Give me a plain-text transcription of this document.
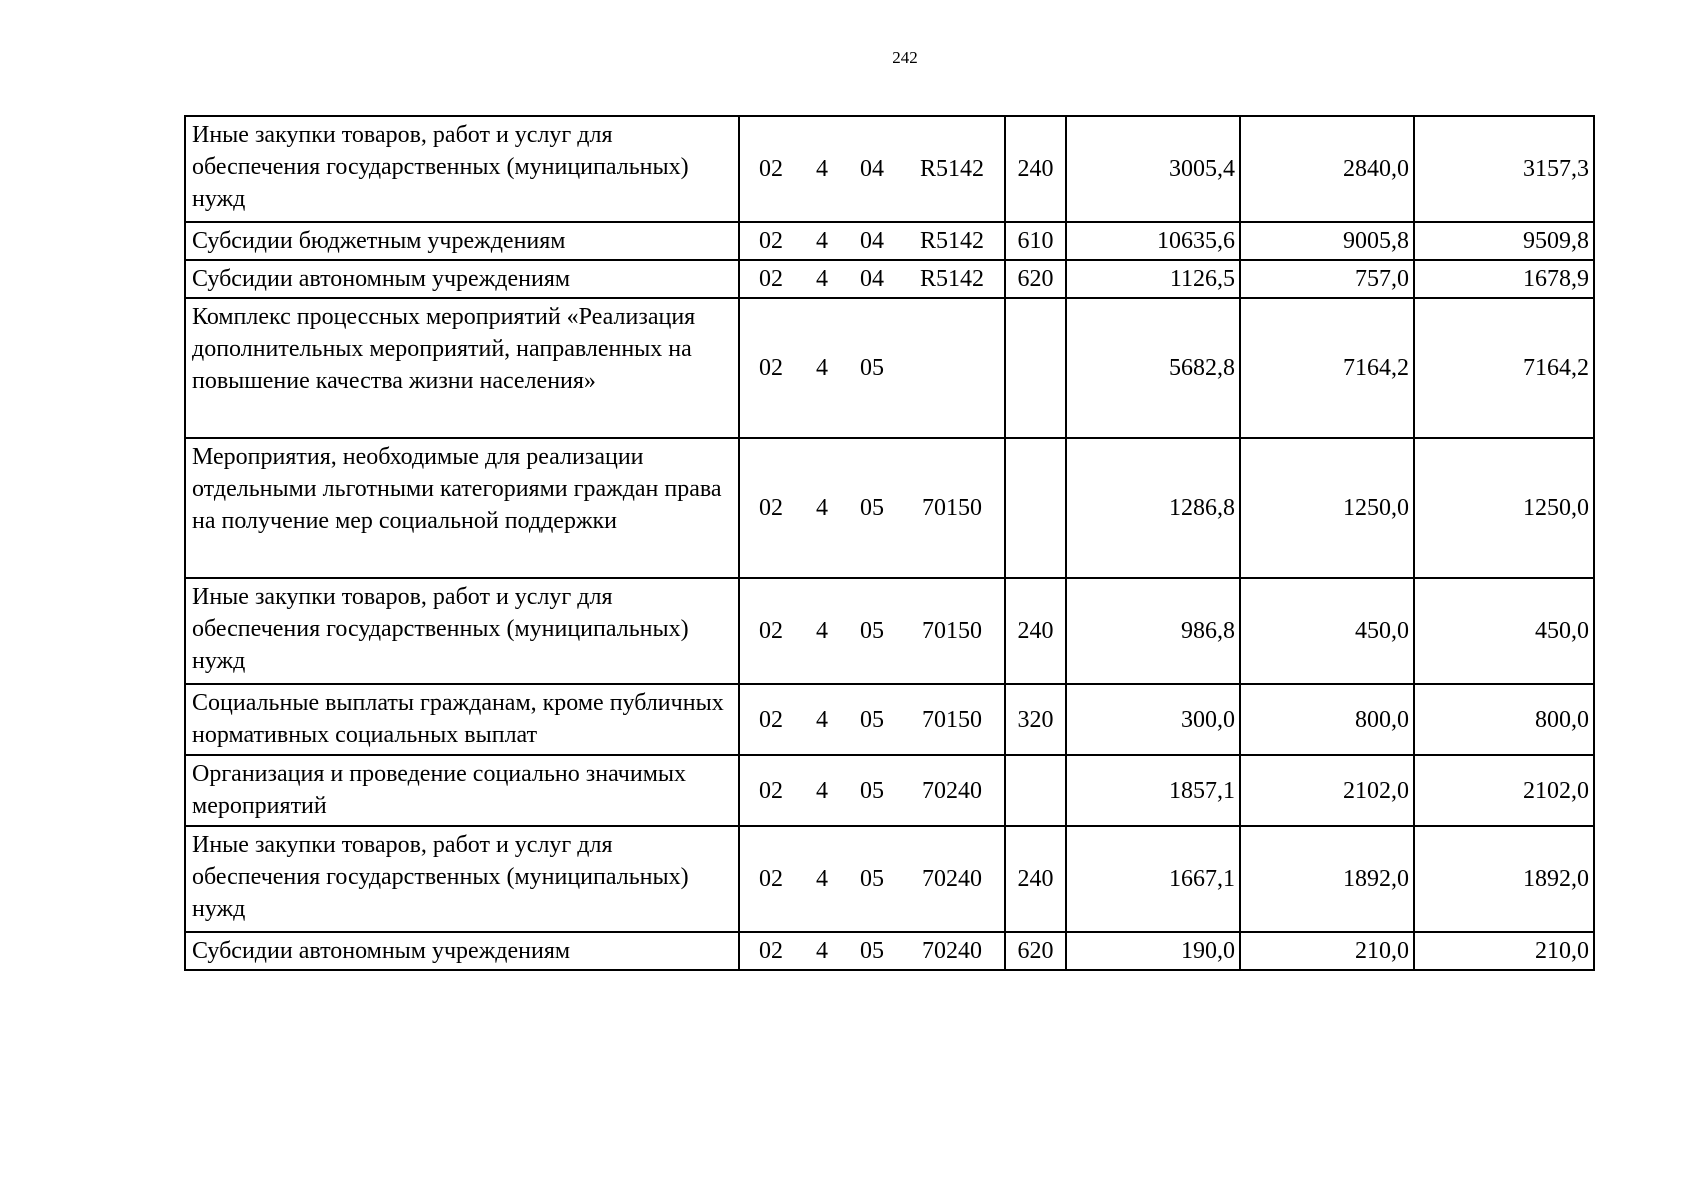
242
Иные закупки товаров, работ и услуг для обеспечения государственных (муниципальных) нужд	02 4 04 R5142	240	3005,4	2840,0	3157,3
Субсидии бюджетным учреждениям	02 4 04 R5142	610	10635,6	9005,8	9509,8
Субсидии автономным учреждениям	02 4 04 R5142	620	1126,5	757,0	1678,9
Комплекс процессных мероприятий «Реализация дополнительных мероприятий, направленных на повышение качества жизни населения»	02 4 05		5682,8	7164,2	7164,2
Мероприятия, необходимые для реализации отдельными льготными категориями граждан права на получение мер социальной поддержки	02 4 05 70150		1286,8	1250,0	1250,0
Иные закупки товаров, работ и услуг для обеспечения государственных (муниципальных) нужд	02 4 05 70150	240	986,8	450,0	450,0
Социальные выплаты гражданам, кроме публичных нормативных социальных выплат	02 4 05 70150	320	300,0	800,0	800,0
Организация и проведение социально значимых мероприятий	02 4 05 70240		1857,1	2102,0	2102,0
Иные закупки товаров, работ и услуг для обеспечения государственных (муниципальных) нужд	02 4 05 70240	240	1667,1	1892,0	1892,0
Субсидии автономным учреждениям	02 4 05 70240	620	190,0	210,0	210,0
